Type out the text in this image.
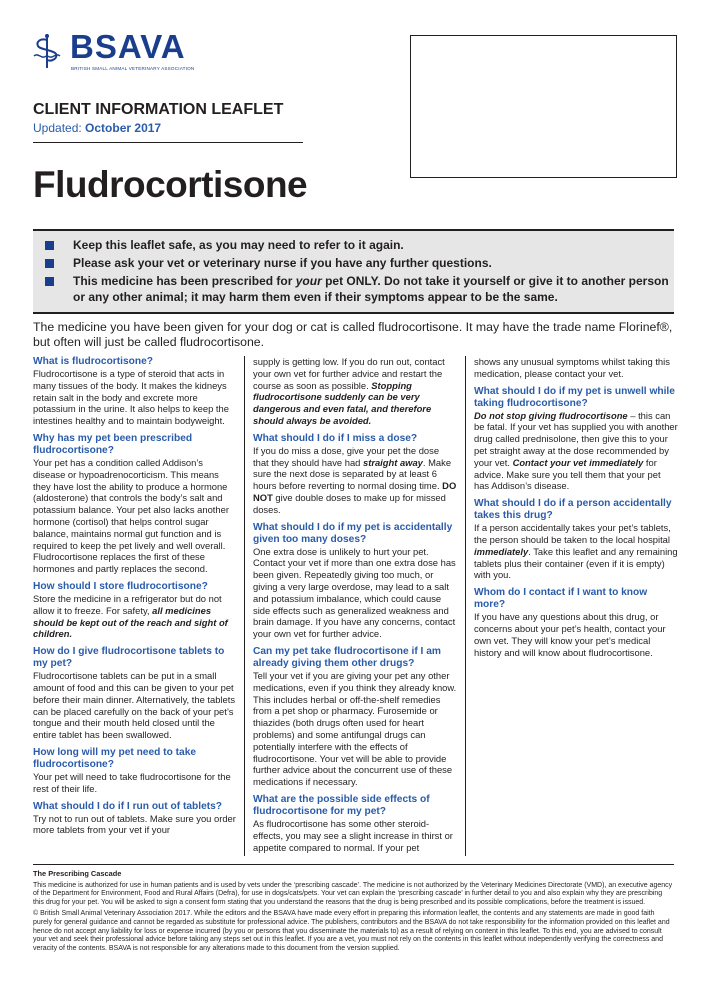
BSAVA
BRITISH SMALL ANIMAL VETERINARY ASSOCIATION
CLIENT INFORMATION LEAFLET
Updated: October 2017
Fludrocortisone
Keep this leaflet safe, as you may need to refer to it again.
Please ask your vet or veterinary nurse if you have any further questions.
This medicine has been prescribed for your pet ONLY. Do not take it yourself or give it to another person or any other animal; it may harm them even if their symptoms appear to be the same.
The medicine you have been given for your dog or cat is called fludrocortisone. It may have the trade name Florinef®, but often will just be called fludrocortisone.

What is fludrocortisone?

Fludrocortisone is a type of steroid that acts in many tissues of the body. It makes the kidneys retain salt in the body and excrete more potassium in the urine. It also helps to keep the intestines healthy and to maintain bodyweight.

Why has my pet been prescribed fludrocortisone?

Your pet has a condition called Addison’s disease or hypoadrenocorticism. This means they have lost the ability to produce a hormone (aldosterone) that controls the body’s salt and potassium balance. Your pet also lacks another hormone (cortisol) that helps control sugar balance, maintains normal gut function and is required to keep the pet lively and well overall. Fludrocortisone replaces the first of these hormones and partly replaces the second.

How should I store fludrocortisone?

Store the medicine in a refrigerator but do not allow it to freeze. For safety, all medicines should be kept out of the reach and sight of children.

How do I give fludrocortisone tablets to my pet?

Fludrocortisone tablets can be put in a small amount of food and this can be given to your pet before their main dinner. Alternatively, the tablets can be placed carefully on the back of your pet’s tongue and their mouth held closed until the entire tablet has been swallowed.

How long will my pet need to take fludrocortisone?

Your pet will need to take fludrocortisone for the rest of their life.

What should I do if I run out of tablets?

Try not to run out of tablets. Make sure you order more tablets from your vet if your

supply is getting low. If you do run out, contact your own vet for further advice and restart the course as soon as possible. Stopping fludrocortisone suddenly can be very dangerous and even fatal, and therefore should always be avoided.

What should I do if I miss a dose?

If you do miss a dose, give your pet the dose that they should have had straight away. Make sure the next dose is separated by at least 6 hours before reverting to normal dosing time. DO NOT give double doses to make up for missed doses.

What should I do if my pet is accidentally given too many doses?

One extra dose is unlikely to hurt your pet. Contact your vet if more than one extra dose has been given. Repeatedly giving too much, or giving a very large overdose, may lead to a salt and potassium imbalance, which could cause side effects such as generalized weakness and brain damage. If you have any concerns, contact your own vet for further advice.

Can my pet take fludrocortisone if I am already giving them other drugs?

Tell your vet if you are giving your pet any other medications, even if you think they already know. This includes herbal or off-the-shelf remedies from a pet shop or pharmacy. Furosemide or thiazides (both drugs often used for heart problems) and some antifungal drugs can potentially interfere with the effects of fludrocortisone. Your vet will be able to provide further advice about the concurrent use of these medications if necessary.

What are the possible side effects of fludrocortisone for my pet?

As fludrocortisone has some other steroid-effects, you may see a slight increase in thirst or appetite compared to normal. If your pet

shows any unusual symptoms whilst taking this medication, please contact your vet.

What should I do if my pet is unwell while taking fludrocortisone?

Do not stop giving fludrocortisone – this can be fatal. If your vet has supplied you with another drug called prednisolone, then give this to your pet straight away at the dose recommended by your vet. Contact your vet immediately for advice. Make sure you tell them that your pet has Addison’s disease.

What should I do if a person accidentally takes this drug?

If a person accidentally takes your pet’s tablets, the person should be taken to the local hospital immediately. Take this leaflet and any remaining tablets plus their container (even if it is empty) with you.

Whom do I contact if I want to know more?

If you have any questions about this drug, or concerns about your pet’s health, contact your own vet. They will know your pet’s medical history and will know about fludrocortisone.

The Prescribing Cascade

This medicine is authorized for use in human patients and is used by vets under the ‘prescribing cascade’. The medicine is not authorized by the Veterinary Medicines Directorate (VMD), an executive agency of the Department for Environment, Food and Rural Affairs (Defra), for use in dogs/cats/pets. Your vet can explain the ‘prescribing cascade’ in further detail to you and also explain why they are prescribing this drug for your pet. You will be asked to sign a consent form stating that you understand the reasons that the drug is being prescribed and its possible complications, before the treatment is issued.

© British Small Animal Veterinary Association 2017. While the editors and the BSAVA have made every effort in preparing this information leaflet, the contents and any statements are made in good faith purely for general guidance and cannot be regarded as substitute for professional advice. The publishers, contributors and the BSAVA do not take responsibility for the information provided on this leaflet and hence do not accept any liability for loss or expense incurred (by you or persons that you disseminate the materials to) as a result of relying on content in this leaflet. To this end, you are advised to consult your vet and seek their professional advice before taking any steps set out in this leaflet. If you are a vet, you must not rely on the contents in this leaflet without independently verifying the correctness and veracity of the contents. BSAVA is not responsible for any alterations made to this document from the version supplied.
